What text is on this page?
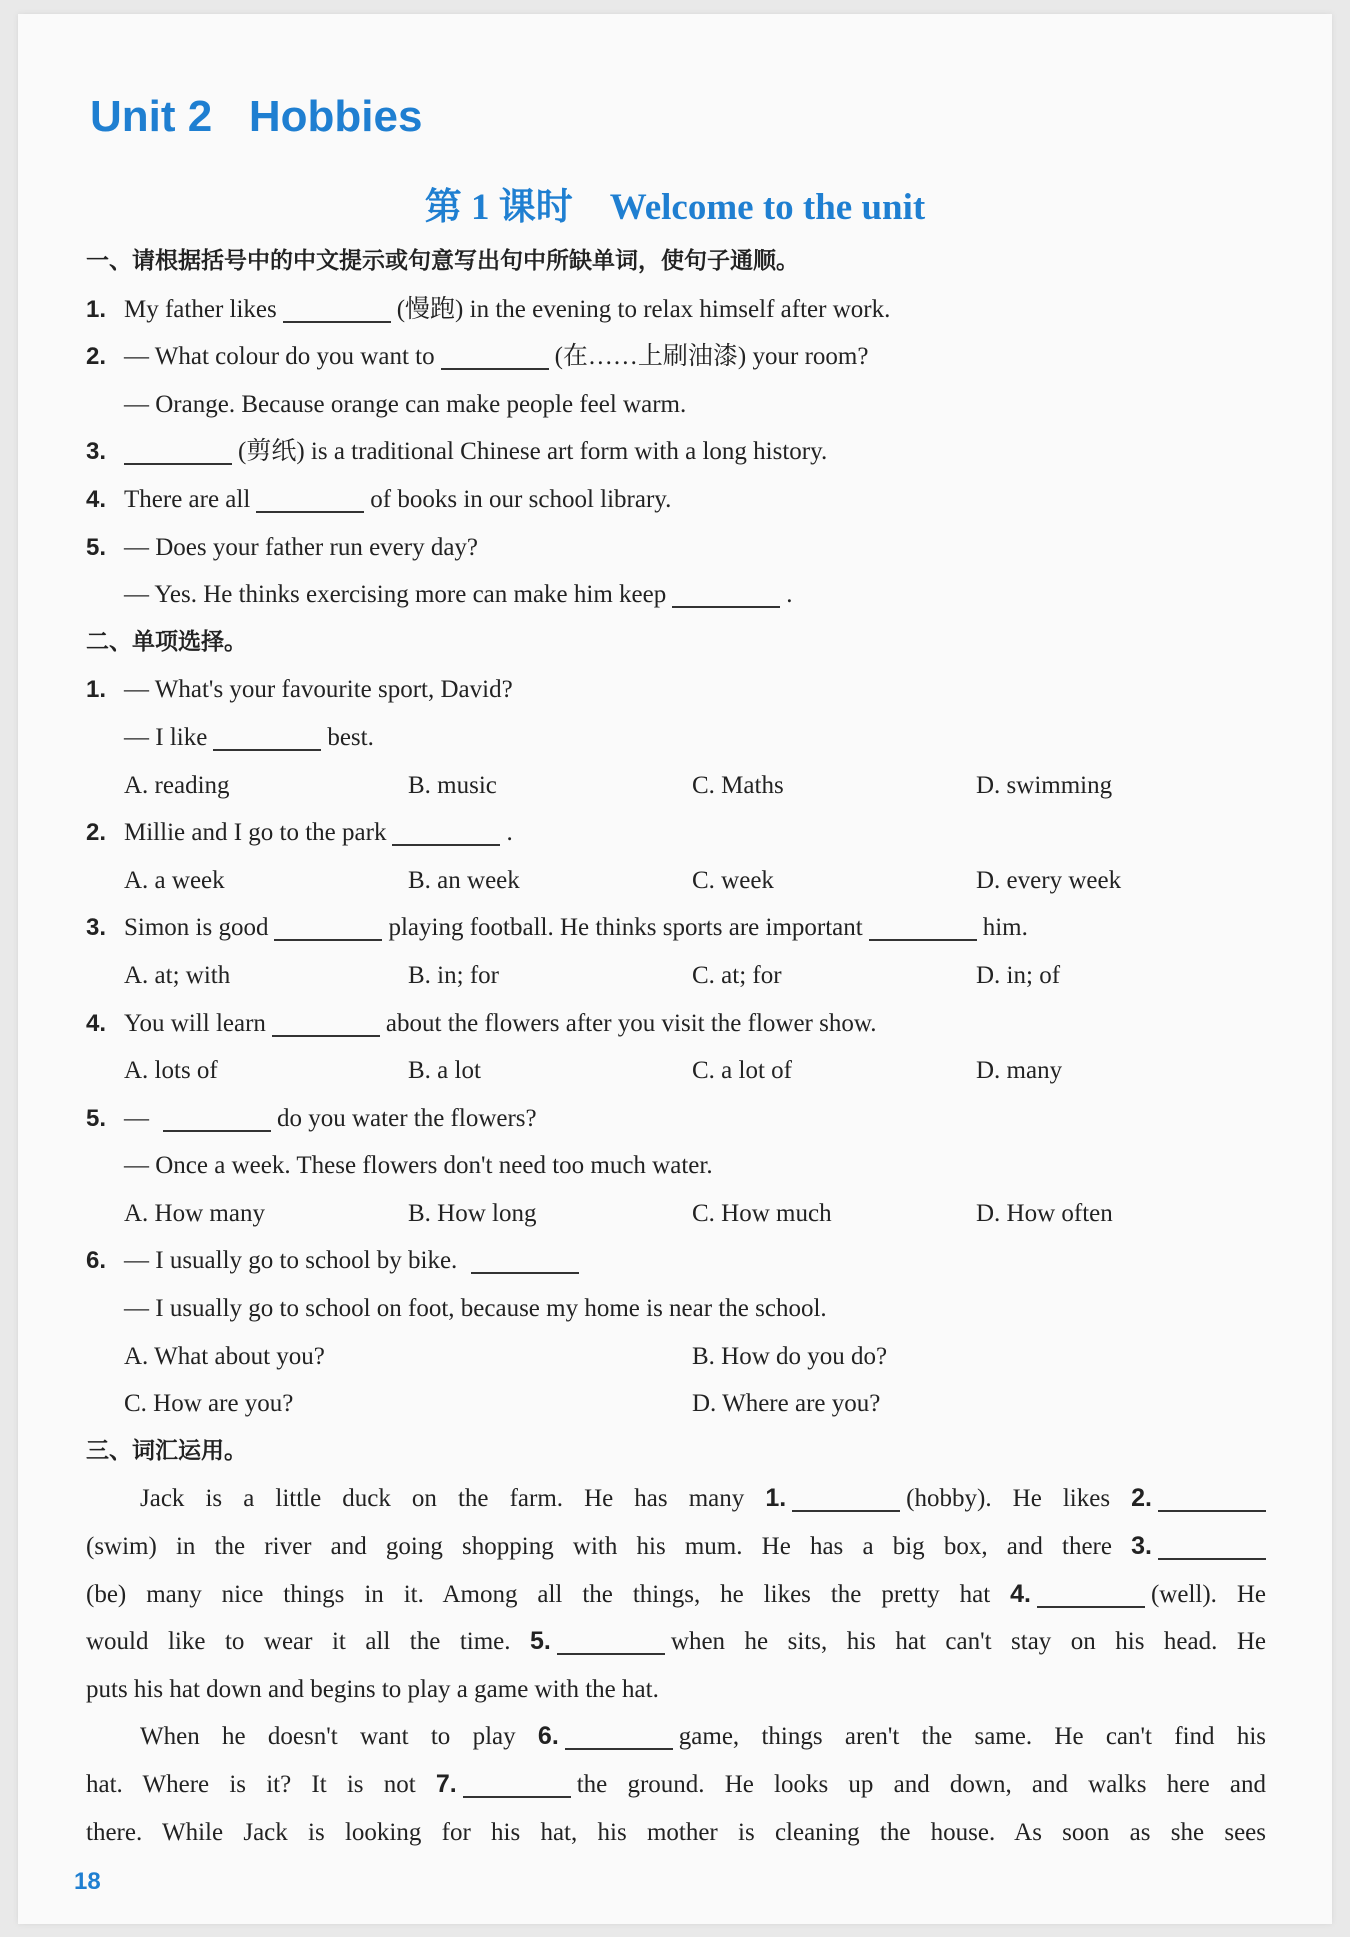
Unit 2   Hobbies
第 1 课时    Welcome to the unit
一、请根据括号中的中文提示或句意写出句中所缺单词，使句子通顺。
1. My father likes	(慢跑) in the evening to relax himself after work.
2. — What colour do you want to	(在……上刷油漆) your room?
— Orange. Because orange can make people feel warm.
3.	(剪纸) is a traditional Chinese art form with a long history.
4. There are all	of books in our school library.
5. — Does your father run every day?
— Yes. He thinks exercising more can make him keep	.
二、单项选择。
1. — What's your favourite sport, David?
— I like	best.
A. reading	B. music	C. Maths	D. swimming
2. Millie and I go to the park	.
A. a week	B. an week	C. week	D. every week
3. Simon is good	playing football. He thinks sports are important	him.
A. at; with	B. in; for	C. at; for	D. in; of
4. You will learn	about the flowers after you visit the flower show.
A. lots of	B. a lot	C. a lot of	D. many
5. —	do you water the flowers?
— Once a week. These flowers don't need too much water.
A. How many	B. How long	C. How much	D. How often
6. — I usually go to school by bike.
— I usually go to school on foot, because my home is near the school.
A. What about you?	B. How do you do?
C. How are you?	D. Where are you?
三、词汇运用。
Jack is a little duck on the farm. He has many 1.	(hobby). He likes 2.
(swim) in the river and going shopping with his mum. He has a big box, and there 3.
(be) many nice things in it. Among all the things, he likes the pretty hat 4.	(well). He
would like to wear it all the time. 5.	when he sits, his hat can't stay on his head. He
puts his hat down and begins to play a game with the hat.
When he doesn't want to play 6.	game, things aren't the same. He can't find his
hat. Where is it? It is not 7.	the ground. He looks up and down, and walks here and
there. While Jack is looking for his hat, his mother is cleaning the house. As soon as she sees
18
